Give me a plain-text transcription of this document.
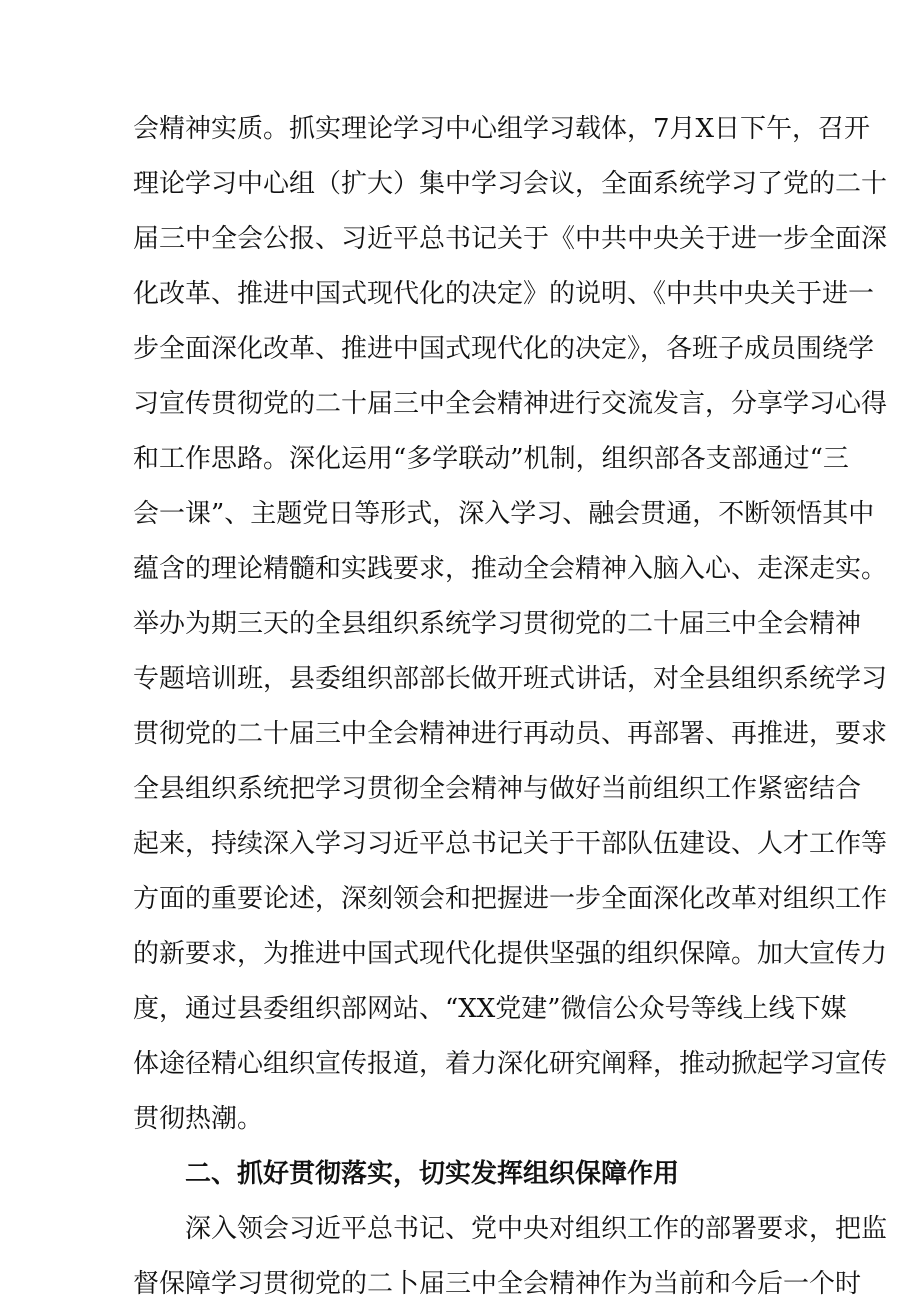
会精神实质。抓实理论学习中心组学习载体，7月X日下午，召开
理论学习中心组（扩大）集中学习会议，全面系统学习了党的二十
届三中全会公报、习近平总书记关于《中共中央关于进一步全面深
化改革、推进中国式现代化的决定》的说明、《中共中央关于进一
步全面深化改革、推进中国式现代化的决定》，各班子成员围绕学
习宣传贯彻党的二十届三中全会精神进行交流发言，分享学习心得
和工作思路。深化运用“多学联动”机制，组织部各支部通过“三
会一课”、主题党日等形式，深入学习、融会贯通，不断领悟其中
蕴含的理论精髓和实践要求，推动全会精神入脑入心、走深走实。
举办为期三天的全县组织系统学习贯彻党的二十届三中全会精神
专题培训班，县委组织部部长做开班式讲话，对全县组织系统学习
贯彻党的二十届三中全会精神进行再动员、再部署、再推进，要求
全县组织系统把学习贯彻全会精神与做好当前组织工作紧密结合
起来，持续深入学习习近平总书记关于干部队伍建设、人才工作等
方面的重要论述，深刻领会和把握进一步全面深化改革对组织工作
的新要求，为推进中国式现代化提供坚强的组织保障。加大宣传力
度，通过县委组织部网站、“XX党建”微信公众号等线上线下媒
体途径精心组织宣传报道，着力深化研究阐释，推动掀起学习宣传
贯彻热潮。
二、抓好贯彻落实，切实发挥组织保障作用
深入领会习近平总书记、党中央对组织工作的部署要求，把监
督保障学习贯彻党的二卜届三中全会精神作为当前和今后一个时
